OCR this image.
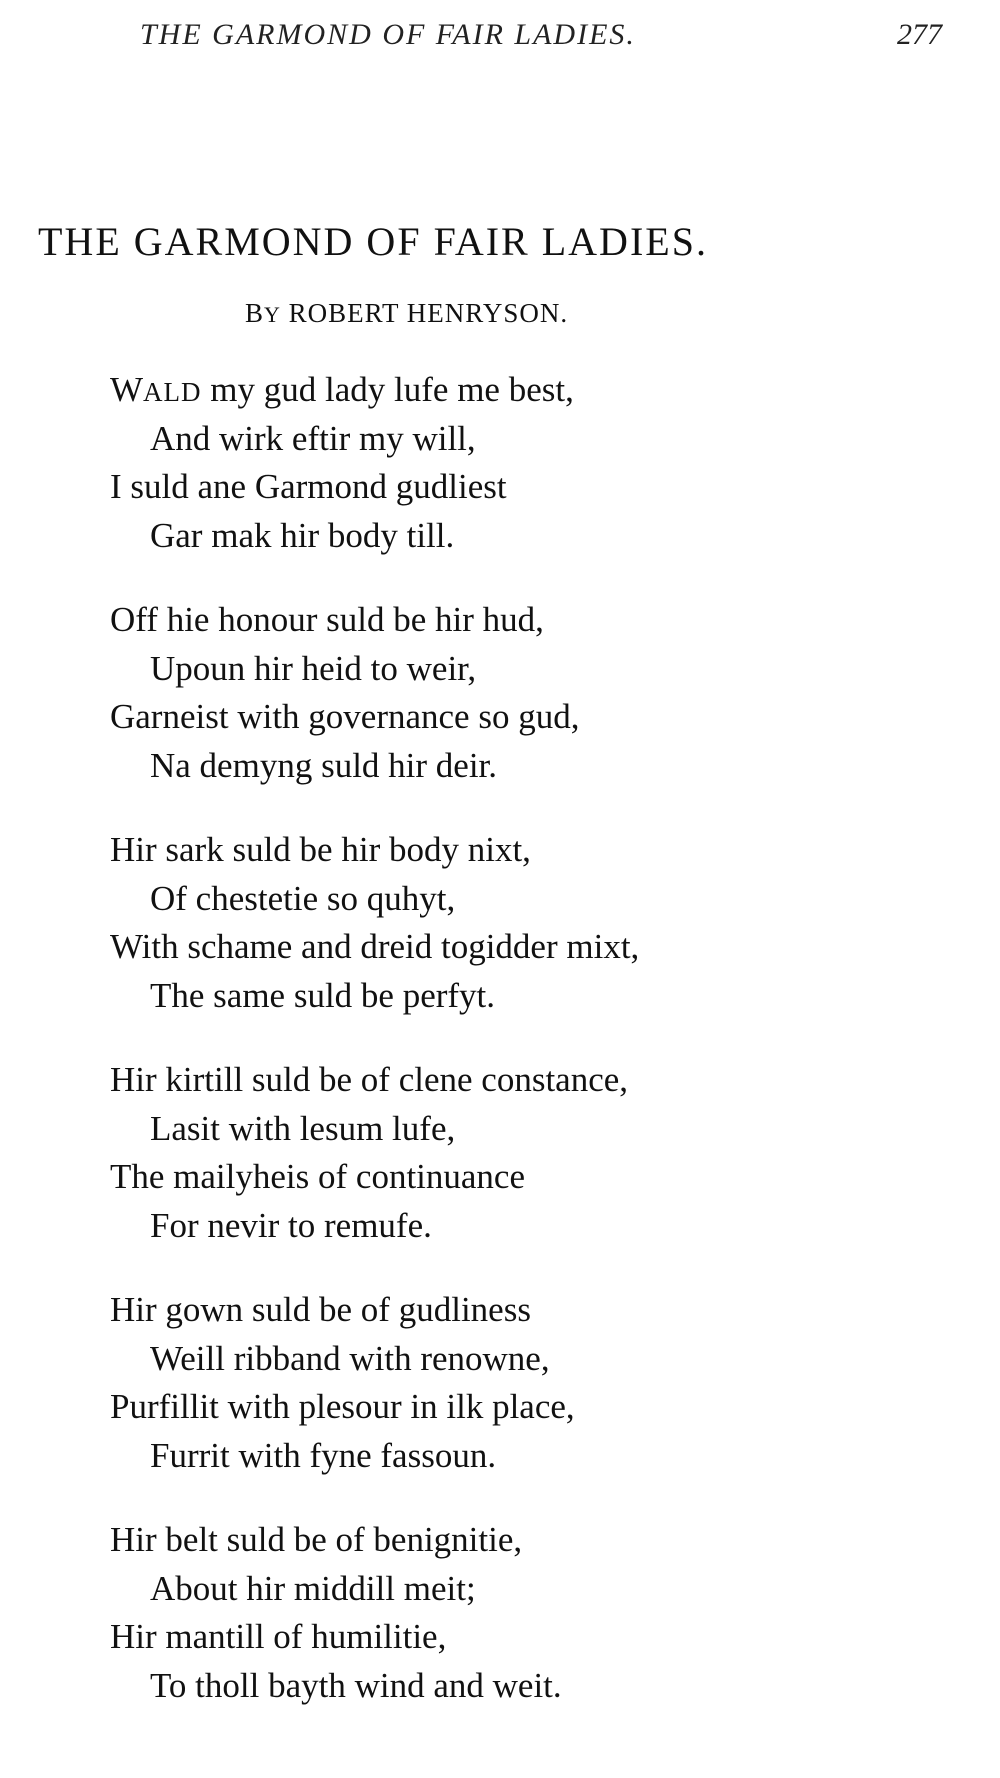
THE GARMOND OF FAIR LADIES.	277
THE GARMOND OF FAIR LADIES.
BY ROBERT HENRYSON.
WALD my gud lady lufe me best,
And wirk eftir my will,
I suld ane Garmond gudliest
Gar mak hir body till.
Off hie honour suld be hir hud,
Upoun hir heid to weir,
Garneist with governance so gud,
Na demyng suld hir deir.
Hir sark suld be hir body nixt,
Of chestetie so quhyt,
With schame and dreid togidder mixt,
The same suld be perfyt.
Hir kirtill suld be of clene constance,
Lasit with lesum lufe,
The mailyheis of continuance
For nevir to remufe.
Hir gown suld be of gudliness
Weill ribband with renowne,
Purfillit with plesour in ilk place,
Furrit with fyne fassoun.
Hir belt suld be of benignitie,
About hir middill meit;
Hir mantill of humilitie,
To tholl bayth wind and weit.
